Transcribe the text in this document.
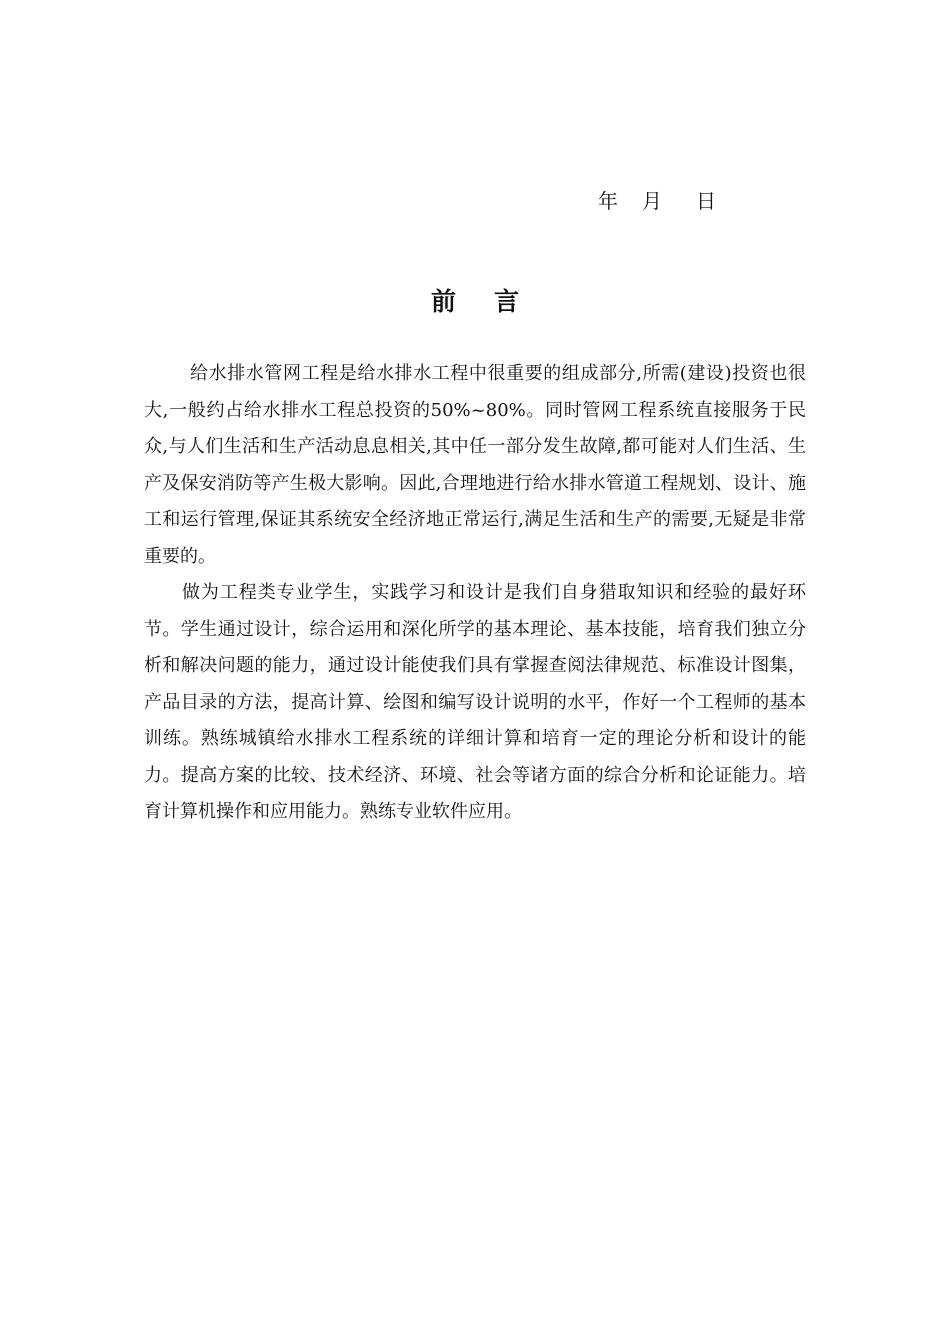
年 月 日
前言

给水排水管网工程是给水排水工程中很重要的组成部分,所需(建设)投资也很大,一般约占给水排水工程总投资的50%~80%。同时管网工程系统直接服务于民众,与人们生活和生产活动息息相关,其中任一部分发生故障,都可能对人们生活、生产及保安消防等产生极大影响。因此,合理地进行给水排水管道工程规划、设计、施工和运行管理,保证其系统安全经济地正常运行,满足生活和生产的需要,无疑是非常重要的。

做为工程类专业学生，实践学习和设计是我们自身猎取知识和经验的最好环节。学生通过设计，综合运用和深化所学的基本理论、基本技能，培育我们独立分析和解决问题的能力，通过设计能使我们具有掌握查阅法律规范、标准设计图集，产品目录的方法，提高计算、绘图和编写设计说明的水平，作好一个工程师的基本训练。熟练城镇给水排水工程系统的详细计算和培育一定的理论分析和设计的能力。提高方案的比较、技术经济、环境、社会等诸方面的综合分析和论证能力。培育计算机操作和应用能力。熟练专业软件应用。
